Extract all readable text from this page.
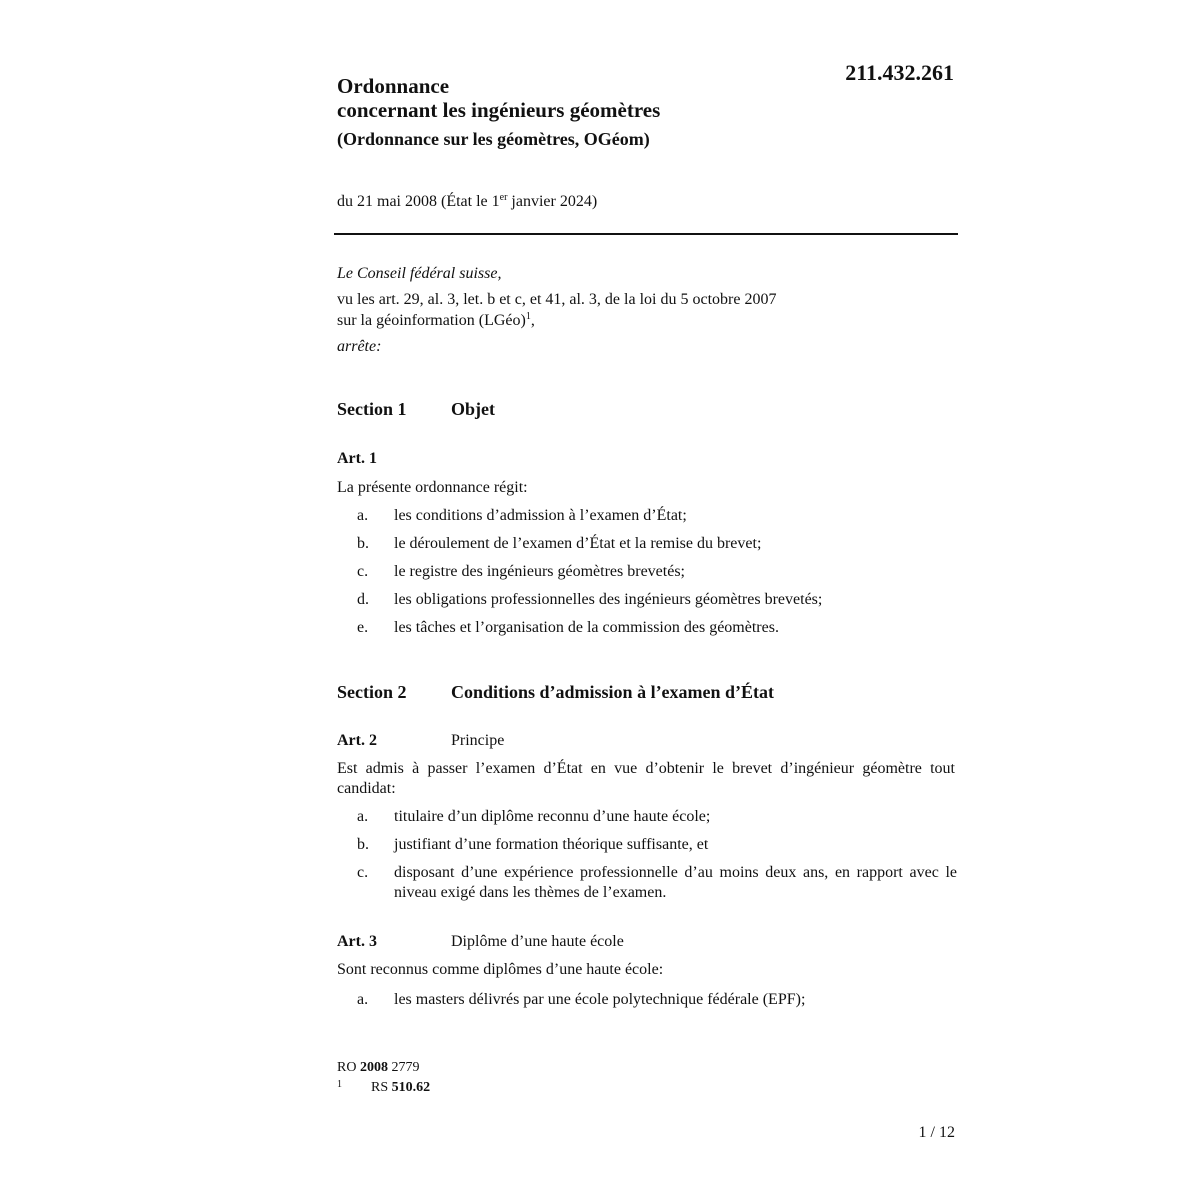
211.432.261
Ordonnance
concernant les ingénieurs géomètres
(Ordonnance sur les géomètres, OGéom)
du 21 mai 2008 (État le 1er janvier 2024)
Le Conseil fédéral suisse,
vu les art. 29, al. 3, let. b et c, et 41, al. 3, de la loi du 5 octobre 2007
sur la géoinformation (LGéo)$^1$,
arrête:
Section 1 Objet
Art. 1
La présente ordonnance régit:
a.	les conditions d’admission à l’examen d’État;
b.	le déroulement de l’examen d’État et la remise du brevet;
c.	le registre des ingénieurs géomètres brevetés;
d.	les obligations professionnelles des ingénieurs géomètres brevetés;
e.	les tâches et l’organisation de la commission des géomètres.
Section 2 Conditions d’admission à l’examen d’État
Art. 2	Principe
Est admis à passer l’examen d’État en vue d’obtenir le brevet d’ingénieur géomètre tout candidat:
a.	titulaire d’un diplôme reconnu d’une haute école;
b.	justifiant d’une formation théorique suffisante, et
c.	disposant d’une expérience professionnelle d’au moins deux ans, en rapport avec le niveau exigé dans les thèmes de l’examen.
Art. 3	Diplôme d’une haute école
Sont reconnus comme diplômes d’une haute école:
a.	les masters délivrés par une école polytechnique fédérale (EPF);
RO 2008 2779
1 RS 510.62
1 / 12
